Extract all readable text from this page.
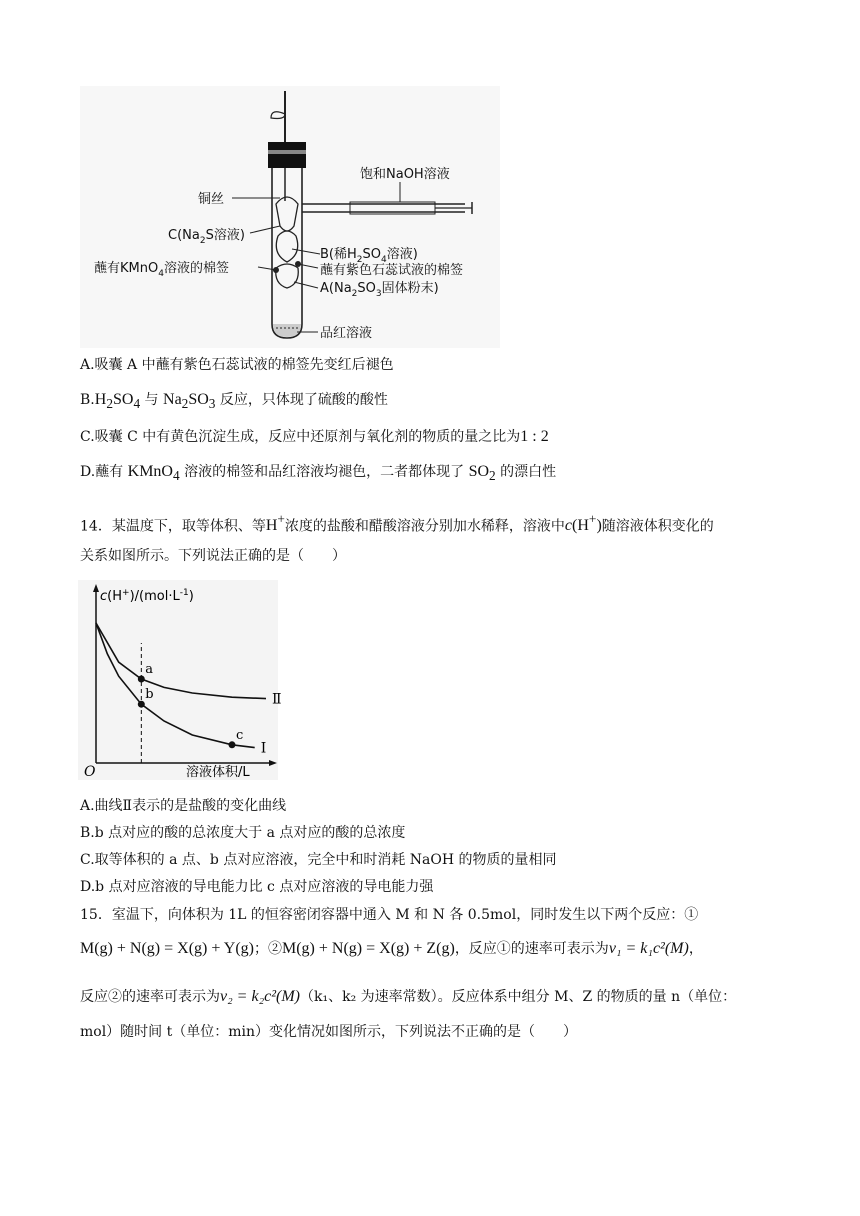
饱和NaOH溶液
铜丝
$C(Na_2S$溶液)
B(稀$H_2SO_4$溶液)
蘸有KMnO$_4$溶液的棉签	蘸有紫色石蕊试液的棉签
$A(Na_2SO_3$固体粉末)
品红溶液
A.吸囊 A 中蘸有紫色石蕊试液的棉签先变红后褪色
$B.H_2SO_4$ 与 $Na_2SO_3$ 反应，只体现了硫酸的酸性
C.吸囊 C 中有黄色沉淀生成，反应中还原剂与氧化剂的物质的量之比为1 : 2
D.蘸有 KMnO$_4$ 溶液的棉签和品红溶液均褪色，二者都体现了 $SO_2$ 的漂白性
14．某温度下，取等体积、等H+浓度的盐酸和醋酸溶液分别加水稀释，溶液中c(H+)随溶液体积变化的
关系如图所示。下列说法正确的是（　　）
Ⅱ
Ⅰ
a
b
c
$c(H^+)/(mol\cdot L^{-1})$
O	溶液体积/L
A.曲线Ⅱ表示的是盐酸的变化曲线
B.b 点对应的酸的总浓度大于 a 点对应的酸的总浓度
C.取等体积的 a 点、b 点对应溶液，完全中和时消耗 NaOH 的物质的量相同
D.b 点对应溶液的导电能力比 c 点对应溶液的导电能力强
15．室温下，向体积为 1L 的恒容密闭容器中通入 M 和 N 各 0.5mol，同时发生以下两个反应：①
M(g) + N(g) = X(g) + Y(g)；②M(g) + N(g) = X(g) + Z(g)，反应①的速率可表示为v₁ = k₁c²(M)，
反应②的速率可表示为v₂ = k₂c²(M)（k₁、k₂ 为速率常数）。反应体系中组分 M、Z 的物质的量 n（单位：
mol）随时间 t（单位：min）变化情况如图所示，下列说法不正确的是（　　）
